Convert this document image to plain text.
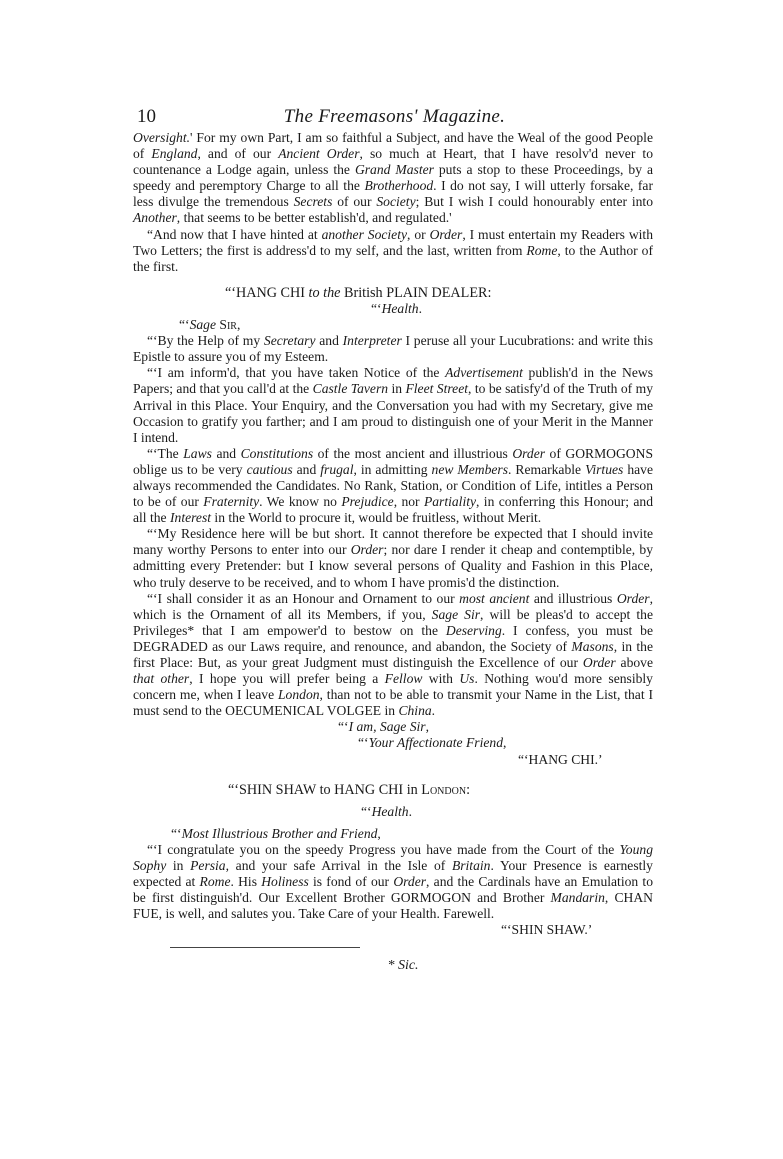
10	The Freemasons' Magazine.

Oversight.' For my own Part, I am so faithful a Subject, and have the Weal of the good People of England, and of our Ancient Order, so much at Heart, that I have resolv'd never to countenance a Lodge again, unless the Grand Master puts a stop to these Proceedings, by a speedy and peremptory Charge to all the Brotherhood. I do not say, I will utterly forsake, far less divulge the tremendous Secrets of our Society; But I wish I could honourably enter into Another, that seems to be better establish'd, and regulated.'

“And now that I have hinted at another Society, or Order, I must entertain my Readers with Two Letters; the first is address'd to my self, and the last, written from Rome, to the Author of the first.

“‘HANG CHI to the British PLAIN DEALER:

“‘Health.

“‘Sage Sir,

“‘By the Help of my Secretary and Interpreter I peruse all your Lucubrations: and write this Epistle to assure you of my Esteem.

“‘I am inform'd, that you have taken Notice of the Advertisement publish'd in the News Papers; and that you call'd at the Castle Tavern in Fleet Street, to be satisfy'd of the Truth of my Arrival in this Place. Your Enquiry, and the Conversation you had with my Secretary, give me Occasion to gratify you farther; and I am proud to distinguish one of your Merit in the Manner I intend.

“‘The Laws and Constitutions of the most ancient and illustrious Order of GORMOGONS oblige us to be very cautious and frugal, in admitting new Members. Remarkable Virtues have always recommended the Candidates. No Rank, Station, or Condition of Life, intitles a Person to be of our Fraternity. We know no Prejudice, nor Partiality, in conferring this Honour; and all the Interest in the World to procure it, would be fruitless, without Merit.

“‘My Residence here will be but short. It cannot therefore be expected that I should invite many worthy Persons to enter into our Order; nor dare I render it cheap and contemptible, by admitting every Pretender: but I know several persons of Quality and Fashion in this Place, who truly deserve to be received, and to whom I have promis'd the distinction.

“‘I shall consider it as an Honour and Ornament to our most ancient and illustrious Order, which is the Ornament of all its Members, if you, Sage Sir, will be pleas'd to accept the Privileges* that I am empower'd to bestow on the Deserving. I confess, you must be DEGRADED as our Laws require, and renounce, and abandon, the Society of Masons, in the first Place: But, as your great Judgment must distinguish the Excellence of our Order above that other, I hope you will prefer being a Fellow with Us. Nothing wou'd more sensibly concern me, when I leave London, than not to be able to transmit your Name in the List, that I must send to the OECUMENICAL VOLGEE in China.

“‘I am, Sage Sir,

“‘Your Affectionate Friend,

“‘HANG CHI.’

“‘SHIN SHAW to HANG CHI in London:

“‘Health.

“‘Most Illustrious Brother and Friend,

“‘I congratulate you on the speedy Progress you have made from the Court of the Young Sophy in Persia, and your safe Arrival in the Isle of Britain. Your Presence is earnestly expected at Rome. His Holiness is fond of our Order, and the Cardinals have an Emulation to be first distinguish'd. Our Excellent Brother GORMOGON and Brother Mandarin, CHAN FUE, is well, and salutes you. Take Care of your Health. Farewell.

“‘SHIN SHAW.’

* Sic.
